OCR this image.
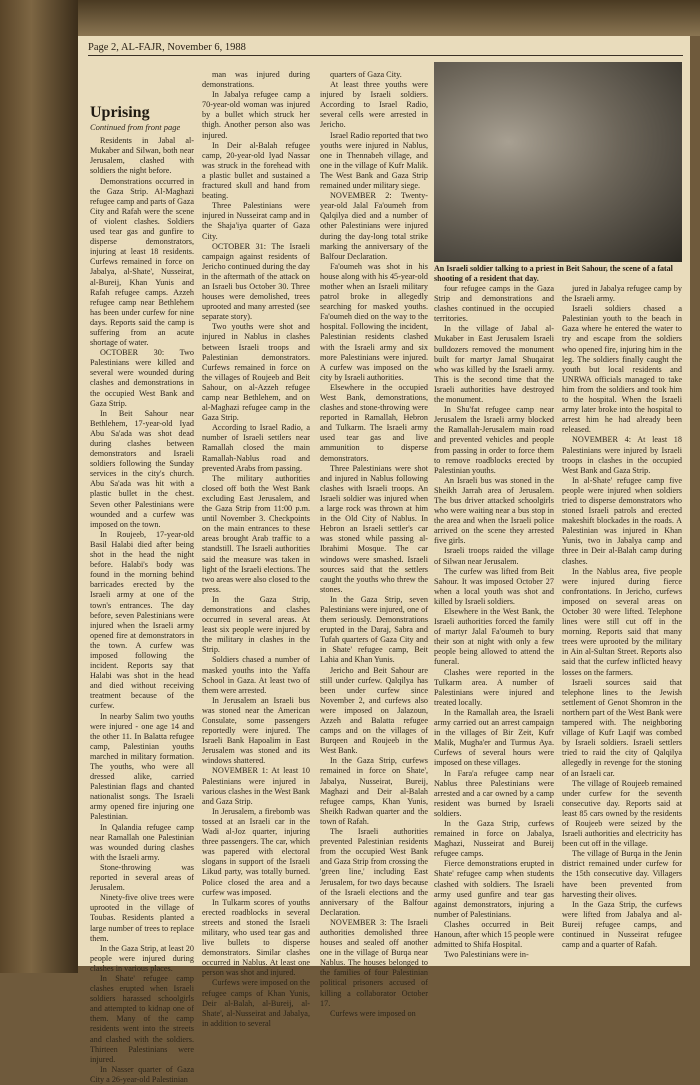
Page 2, AL-FAJR, November 6, 1988
Uprising
Continued from front page

Residents in Jabal al-Mukaber and Silwan, both near Jerusalem, clashed with soldiers the night before.

Demonstrations occurred in the Gaza Strip. Al-Maghazi refugee camp and parts of Gaza City and Rafah were the scene of violent clashes. Soldiers used tear gas and gunfire to disperse demonstrators, injuring at least 18 residents. Curfews remained in force on Jabalya, al-Shate', Nusseirat, al-Bureij, Khan Yunis and Rafah refugee camps. Azzeh refugee camp near Bethlehem has been under curfew for nine days. Reports said the camp is suffering from an acute shortage of water.

OCTOBER 30: Two Palestinians were killed and several were wounded during clashes and demonstrations in the occupied West Bank and Gaza Strip.

In Beit Sahour near Bethlehem, 17-year-old Iyad Abu Sa'ada was shot dead during clashes between demonstrators and Israeli soldiers following the Sunday services in the city's church. Abu Sa'ada was hit with a plastic bullet in the chest. Seven other Palestinians were wounded and a curfew was imposed on the town.

In Roujeeb, 17-year-old Basil Halabi died after being shot in the head the night before. Halabi's body was found in the morning behind barricades erected by the Israeli army at one of the town's entrances. The day before, seven Palestinians were injured when the Israeli army opened fire at demonstrators in the town. A curfew was imposed following the incident. Reports say that Halabi was shot in the head and died without receiving treatment because of the curfew.

In nearby Salim two youths were injured - one age 14 and the other 11. In Balatta refugee camp, Palestinian youths marched in military formation. The youths, who were all dressed alike, carried Palestinian flags and chanted nationalist songs. The Israeli army opened fire injuring one Palestinian.

In Qalandia refugee camp near Ramallah one Palestinian was wounded during clashes with the Israeli army.

Stone-throwing was reported in several areas of Jerusalem.

Ninety-five olive trees were uprooted in the village of Toubas. Residents planted a large number of trees to replace them.

In the Gaza Strip, at least 20 people were injured during clashes in various places.

In Shate' refugee camp clashes erupted when Israeli soldiers harassed schoolgirls and attempted to kidnap one of them. Many of the camp residents went into the streets and clashed with the soldiers. Thirteen Palestinians were injured.

In Nasser quarter of Gaza City a 26-year-old Palestinian

man was injured during demonstrations.

In Jabalya refugee camp a 70-year-old woman was injured by a bullet which struck her thigh. Another person also was injured.

In Deir al-Balah refugee camp, 20-year-old Iyad Nassar was struck in the forehead with a plastic bullet and sustained a fractured skull and hand from beating.

Three Palestinians were injured in Nusseirat camp and in the Shaja'iya quarter of Gaza City.

OCTOBER 31: The Israeli campaign against residents of Jericho continued during the day in the aftermath of the attack on an Israeli bus October 30. Three houses were demolished, trees uprooted and many arrested (see separate story).

Two youths were shot and injured in Nablus in clashes between Israeli troops and Palestinian demonstrators. Curfews remained in force on the villages of Roujeeb and Beit Sahour, on al-Azzeh refugee camp near Bethlehem, and on al-Maghazi refugee camp in the Gaza Strip.

According to Israel Radio, a number of Israeli settlers near Ramallah closed the main Ramallah-Nablus road and prevented Arabs from passing.

The military authorities closed off both the West Bank excluding East Jerusalem, and the Gaza Strip from 11:00 p.m. until November 3. Checkpoints on the main entrances to these areas brought Arab traffic to a standstill. The Israeli authorities said the measure was taken in light of the Israeli elections. The two areas were also closed to the press.

In the Gaza Strip, demonstrations and clashes occurred in several areas. At least six people were injured by the military in clashes in the Strip.

Soldiers chased a number of masked youths into the Yaffa School in Gaza. At least two of them were arrested.

In Jerusalem an Israeli bus was stoned near the American Consulate, some passengers reportedly were injured. The Israeli Bank Hapoalim in East Jerusalem was stoned and its windows shattered.

NOVEMBER 1: At least 10 Palestinians were injured in various clashes in the West Bank and Gaza Strip.

In Jerusalem, a firebomb was tossed at an Israeli car in the Wadi al-Joz quarter, injuring three passengers. The car, which was papered with electoral slogans in support of the Israeli Likud party, was totally burned. Police closed the area and a curfew was imposed.

In Tulkarm scores of youths erected roadblocks in several streets and stoned the Israeli military, who used tear gas and live bullets to disperse demonstrators. Similar clashes occurred in Nablus. At least one person was shot and injured.

Curfews were imposed on the refugee camps of Khan Yunis, Deir al-Balah, al-Bureij, al-Shate', al-Nusseirat and Jabalya, in addition to several

quarters of Gaza City.

At least three youths were injured by Israeli soldiers. According to Israel Radio, several cells were arrested in Jericho.

Israel Radio reported that two youths were injured in Nablus, one in Thennabeh village, and one in the village of Kufr Malik. The West Bank and Gaza Strip remained under military siege.

NOVEMBER 2: Twenty-year-old Jalal Fa'oumeh from Qalqilya died and a number of other Palestinians were injured during the day-long total strike marking the anniversary of the Balfour Declaration.

Fa'oumeh was shot in his house along with his 45-year-old mother when an Israeli military patrol broke in allegedly searching for masked youths. Fa'oumeh died on the way to the hospital. Following the incident, Palestinian residents clashed with the Israeli army and six more Palestinians were injured. A curfew was imposed on the city by Israeli authorities.

Elsewhere in the occupied West Bank, demonstrations, clashes and stone-throwing were reported in Ramallah, Hebron and Tulkarm. The Israeli army used tear gas and live ammunition to disperse demonstrators.

Three Palestinians were shot and injured in Nablus following clashes with Israeli troops. An Israeli soldier was injured when a large rock was thrown at him in the Old City of Nablus. In Hebron an Israeli settler's car was stoned while passing al-Ibrahimi Mosque. The car windows were smashed. Israeli sources said that the settlers caught the youths who threw the stones.

In the Gaza Strip, seven Palestinians were injured, one of them seriously. Demonstrations erupted in the Daraj, Sabra and Tufah quarters of Gaza City and in Shate' refugee camp, Beit Lahia and Khan Yunis.

Jericho and Beit Sahour are still under curfew. Qalqilya has been under curfew since November 2, and curfews also were imposed on Jalazoun, Azzeh and Balatta refugee camps and on the villages of Burqeen and Roujeeb in the West Bank.

In the Gaza Strip, curfews remained in force on Shate', Jabalya, Nusseirat, Bureij, Maghazi and Deir al-Balah refugee camps, Khan Yunis, Sheikh Radwan quarter and the town of Rafah.

The Israeli authorities prevented Palestinian residents from the occupied West Bank and Gaza Strip from crossing the 'green line,' including East Jerusalem, for two days because of the Israeli elections and the anniversary of the Balfour Declaration.

NOVEMBER 3: The Israeli authorities demolished three houses and sealed off another one in the village of Burqa near Nablus. The houses belonged to the families of four Palestinian political prisoners accused of killing a collaborator October 17.

Curfews were imposed on

An Israeli soldier talking to a priest in Beit Sahour, the scene of a fatal shooting of a resident that day.

four refugee camps in the Gaza Strip and demonstrations and clashes continued in the occupied territories.

In the village of Jabal al-Mukaber in East Jerusalem Israeli bulldozers removed the monument built for martyr Jamal Shuqairat who was killed by the Israeli army. This is the second time that the Israeli authorities have destroyed the monument.

In Shu'fat refugee camp near Jerusalem the Israeli army blocked the Ramallah-Jerusalem main road and prevented vehicles and people from passing in order to force them to remove roadblocks erected by Palestinian youths.

An Israeli bus was stoned in the Sheikh Jarrah area of Jerusalem. The bus driver attacked schoolgirls who were waiting near a bus stop in the area and when the Israeli police arrived on the scene they arrested five girls.

Israeli troops raided the village of Silwan near Jerusalem.

The curfew was lifted from Beit Sahour. It was imposed October 27 when a local youth was shot and killed by Israeli soldiers.

Elsewhere in the West Bank, the Israeli authorities forced the family of martyr Jalal Fa'oumeh to bury their son at night with only a few people being allowed to attend the funeral.

Clashes were reported in the Tulkarm area. A number of Palestinians were injured and treated locally.

In the Ramallah area, the Israeli army carried out an arrest campaign in the villages of Bir Zeit, Kufr Malik, Mugha'er and Turmus Aya. Curfews of several hours were imposed on these villages.

In Fara'a refugee camp near Nablus three Palestinians were arrested and a car owned by a camp resident was burned by Israeli soldiers.

In the Gaza Strip, curfews remained in force on Jabalya, Maghazi, Nusseirat and Bureij refugee camps.

Fierce demonstrations erupted in Shate' refugee camp when students clashed with soldiers. The Israeli army used gunfire and tear gas against demonstrators, injuring a number of Palestinians.

Clashes occurred in Beit Hanoun, after which 15 people were admitted to Shifa Hospital.

Two Palestinians were in-

jured in Jabalya refugee camp by the Israeli army.

Israeli soldiers chased a Palestinian youth to the beach in Gaza where he entered the water to try and escape from the soldiers who opened fire, injuring him in the leg. The soldiers finally caught the youth but local residents and UNRWA officials managed to take him from the soldiers and took him to the hospital. When the Israeli army later broke into the hospital to arrest him he had already been released.

NOVEMBER 4: At least 18 Palestinians were injured by Israeli troops in clashes in the occupied West Bank and Gaza Strip.

In al-Shate' refugee camp five people were injured when soldiers tried to disperse demonstrators who stoned Israeli patrols and erected makeshift blockades in the roads. A Palestinian was injured in Khan Yunis, two in Jabalya camp and three in Deir al-Balah camp during clashes.

In the Nablus area, five people were injured during fierce confrontations. In Jericho, curfews imposed on several areas on October 30 were lifted. Telephone lines were still cut off in the morning. Reports said that many trees were uprooted by the military in Ain al-Sultan Street. Reports also said that the curfew inflicted heavy losses on the farmers.

Israeli sources said that telephone lines to the Jewish settlement of Genot Shomron in the northern part of the West Bank were tampered with. The neighboring village of Kufr Laqif was combed by Israeli soldiers. Israeli settlers tried to raid the city of Qalqilya allegedly in revenge for the stoning of an Israeli car.

The village of Roujeeb remained under curfew for the seventh consecutive day. Reports said at least 85 cars owned by the residents of Roujeeb were seized by the Israeli authorities and electricity has been cut off in the village.

The village of Burqa in the Jenin district remained under curfew for the 15th consecutive day. Villagers have been prevented from harvesting their olives.

In the Gaza Strip, the curfews were lifted from Jabalya and al-Bureij refugee camps, and continued in Nusseirat refugee camp and a quarter of Rafah.
